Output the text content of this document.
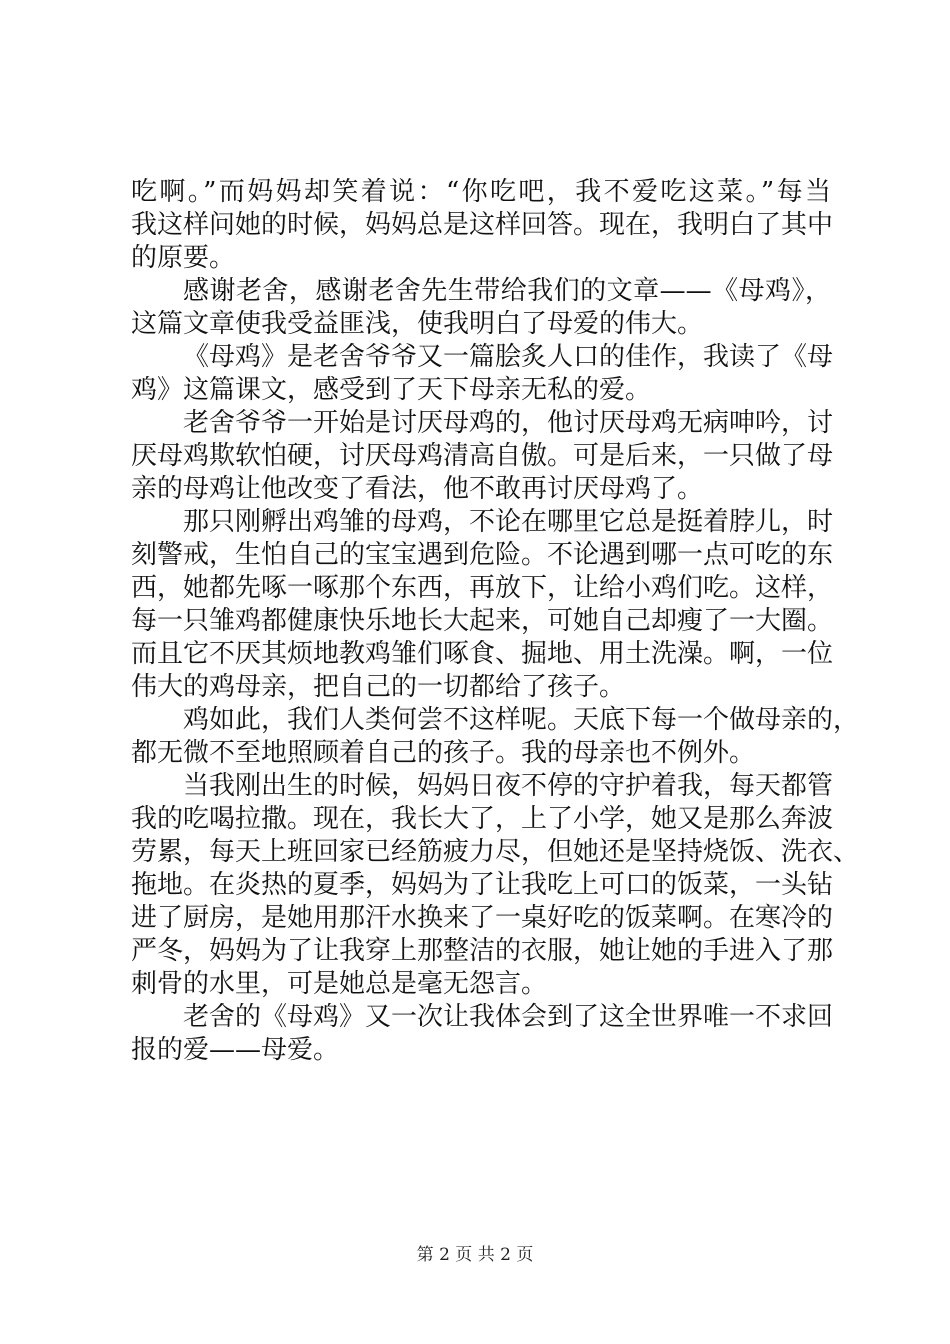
吃啊。”而妈妈却笑着说：“你吃吧，我不爱吃这菜。”每当
我这样问她的时候，妈妈总是这样回答。现在，我明白了其中
的原要。
感谢老舍，感谢老舍先生带给我们的文章——《母鸡》，
这篇文章使我受益匪浅，使我明白了母爱的伟大。
《母鸡》是老舍爷爷又一篇脍炙人口的佳作，我读了《母
鸡》这篇课文，感受到了天下母亲无私的爱。
老舍爷爷一开始是讨厌母鸡的，他讨厌母鸡无病呻吟，讨
厌母鸡欺软怕硬，讨厌母鸡清高自傲。可是后来，一只做了母
亲的母鸡让他改变了看法，他不敢再讨厌母鸡了。
那只刚孵出鸡雏的母鸡，不论在哪里它总是挺着脖儿，时
刻警戒，生怕自己的宝宝遇到危险。不论遇到哪一点可吃的东
西，她都先啄一啄那个东西，再放下，让给小鸡们吃。这样，
每一只雏鸡都健康快乐地长大起来，可她自己却瘦了一大圈。
而且它不厌其烦地教鸡雏们啄食、掘地、用土洗澡。啊，一位
伟大的鸡母亲，把自己的一切都给了孩子。
鸡如此，我们人类何尝不这样呢。天底下每一个做母亲的，
都无微不至地照顾着自己的孩子。我的母亲也不例外。
当我刚出生的时候，妈妈日夜不停的守护着我，每天都管
我的吃喝拉撒。现在，我长大了，上了小学，她又是那么奔波
劳累，每天上班回家已经筋疲力尽，但她还是坚持烧饭、洗衣、
拖地。在炎热的夏季，妈妈为了让我吃上可口的饭菜，一头钻
进了厨房，是她用那汗水换来了一桌好吃的饭菜啊。在寒冷的
严冬，妈妈为了让我穿上那整洁的衣服，她让她的手进入了那
刺骨的水里，可是她总是毫无怨言。
老舍的《母鸡》又一次让我体会到了这全世界唯一不求回
报的爱——母爱。
第 2 页 共 2 页
